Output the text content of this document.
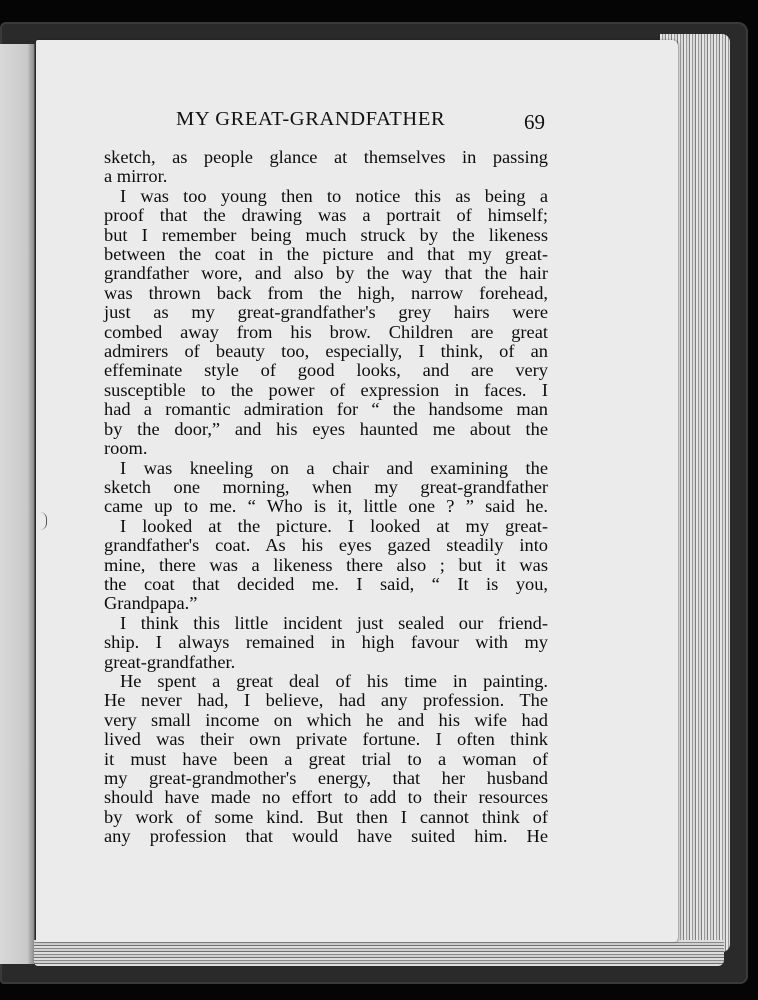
MY GREAT-GRANDFATHER	69

sketch, as people glance at themselves in passing

a mirror.

I was too young then to notice this as being a

proof that the drawing was a portrait of himself;

but I remember being much struck by the likeness

between the coat in the picture and that my great-

grandfather wore, and also by the way that the hair

was thrown back from the high, narrow forehead,

just as my great-grandfather's grey hairs were

combed away from his brow. Children are great

admirers of beauty too, especially, I think, of an

effeminate style of good looks, and are very

susceptible to the power of expression in faces. I

had a romantic admiration for “ the handsome man

by the door,” and his eyes haunted me about the

room.

I was kneeling on a chair and examining the

sketch one morning, when my great-grandfather

came up to me. “ Who is it, little one ? ” said he.

I looked at the picture. I looked at my great-

grandfather's coat. As his eyes gazed steadily into

mine, there was a likeness there also ; but it was

the coat that decided me. I said, “ It is you,

Grandpapa.”

I think this little incident just sealed our friend-

ship. I always remained in high favour with my

great-grandfather.

He spent a great deal of his time in painting.

He never had, I believe, had any profession. The

very small income on which he and his wife had

lived was their own private fortune. I often think

it must have been a great trial to a woman of

my great-grandmother's energy, that her husband

should have made no effort to add to their resources

by work of some kind. But then I cannot think of

any profession that would have suited him. He
